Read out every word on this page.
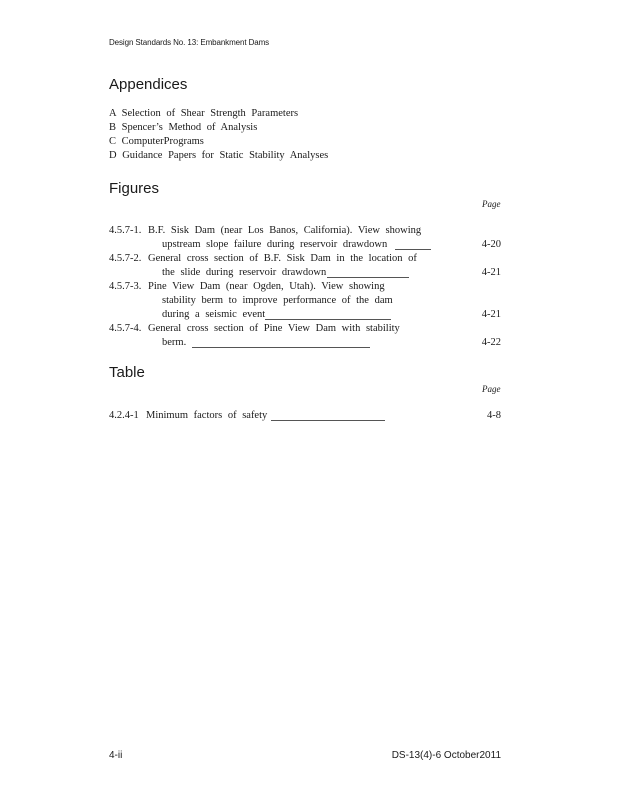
Design Standards No. 13: Embankment Dams
Appendices
A Selection of Shear Strength Parameters
B Spencer’s Method of Analysis
C ComputerPrograms
D Guidance Papers for Static Stability Analyses
Figures
Page
4.5.7-1. B.F. Sisk Dam (near Los Banos, California). View showing
upstream slope failure during reservoir drawdown	4-20
4.5.7-2. General cross section of B.F. Sisk Dam in the location of
the slide during reservoir drawdown	4-21
4.5.7-3. Pine View Dam (near Ogden, Utah). View showing
stability berm to improve performance of the dam
during a seismic event	4-21
4.5.7-4. General cross section of Pine View Dam with stability
berm.	4-22
Table
Page
4.2.4-1 Minimum factors of safety	4-8
4-ii	DS-13(4)-6 October2011
